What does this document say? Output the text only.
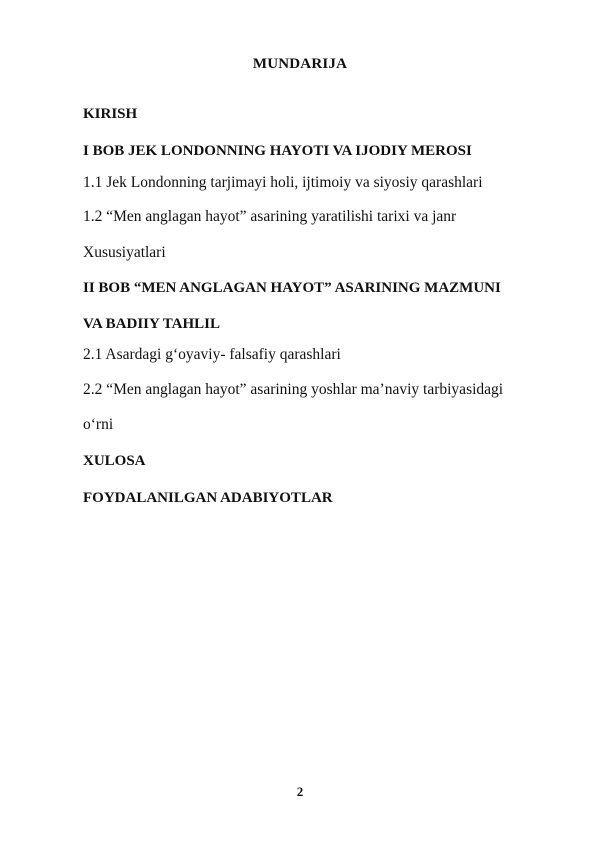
MUNDARIJA
KIRISH
I BOB JEK LONDONNING HAYOTI VA IJODIY MEROSI
1.1 Jek Londonning tarjimayi holi, ijtimoiy va siyosiy qarashlari
1.2 “Men anglagan hayot” asarining yaratilishi tarixi va janr
Xususiyatlari
II BOB “MEN ANGLAGAN HAYOT” ASARINING MAZMUNI
VA BADIIY TAHLIL
2.1 Asardagi g‘oyaviy- falsafiy qarashlari
2.2 “Men anglagan hayot” asarining yoshlar ma’naviy tarbiyasidagi
o‘rni
XULOSA
FOYDALANILGAN ADABIYOTLAR
2
